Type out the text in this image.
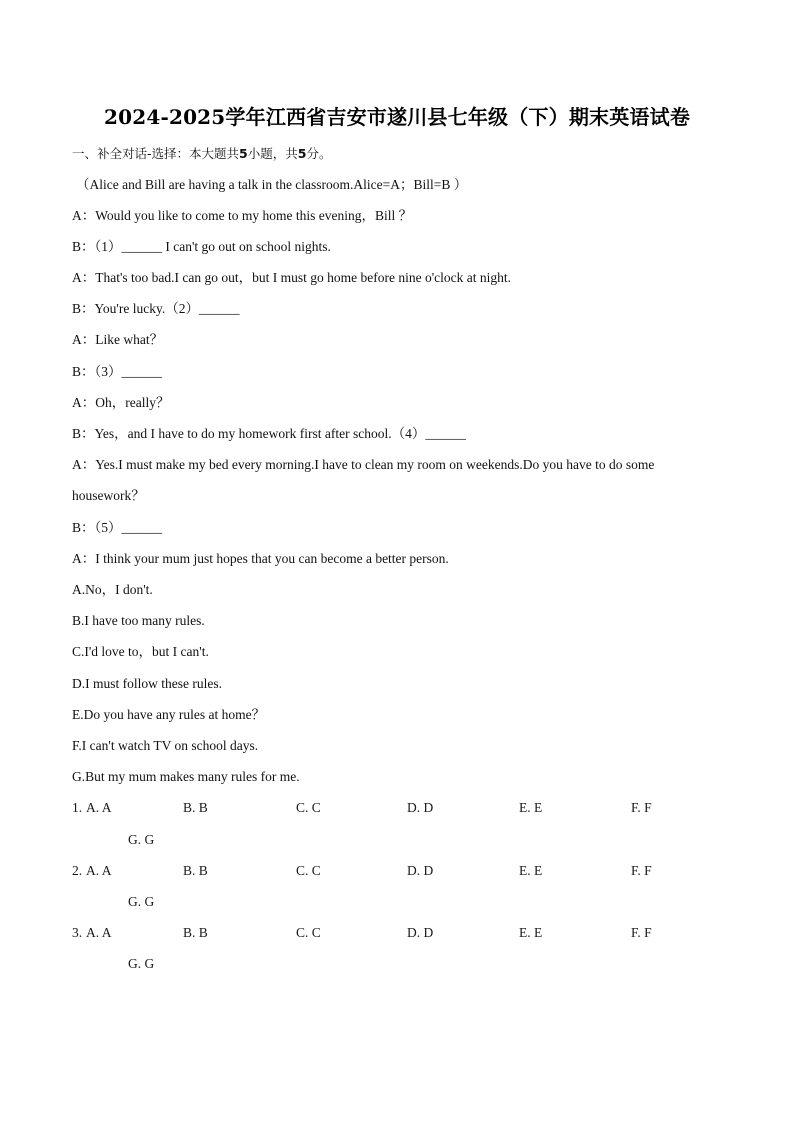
2024-2025学年江西省吉安市遂川县七年级（下）期末英语试卷
一、补全对话-选择：本大题共5小题，共5分。
（Alice and Bill are having a talk in the classroom.Alice=A；Bill=B ）
A：Would you like to come to my home this evening，Bill ？
B：（1）______ I can't go out on school nights.
A：That's too bad.I can go out，but I must go home before nine o'clock at night.
B：You're lucky.（2）______
A：Like what？
B：（3）______
A：Oh，really？
B：Yes，and I have to do my homework first after school.（4）______
A：Yes.I must make my bed every morning.I have to clean my room on weekends.Do you have to do some
housework？
B：（5）______
A：I think your mum just hopes that you can become a better person.
A.No，I don't.
B.I have too many rules.
C.I'd love to，but I can't.
D.I must follow these rules.
E.Do you have any rules at home？
F.I can't watch TV on school days.
G.But my mum makes many rules for me.
1. A. A	B. B	C. C	D. D	E. E	F. F
G. G
2. A. A	B. B	C. C	D. D	E. E	F. F
G. G
3. A. A	B. B	C. C	D. D	E. E	F. F
G. G
